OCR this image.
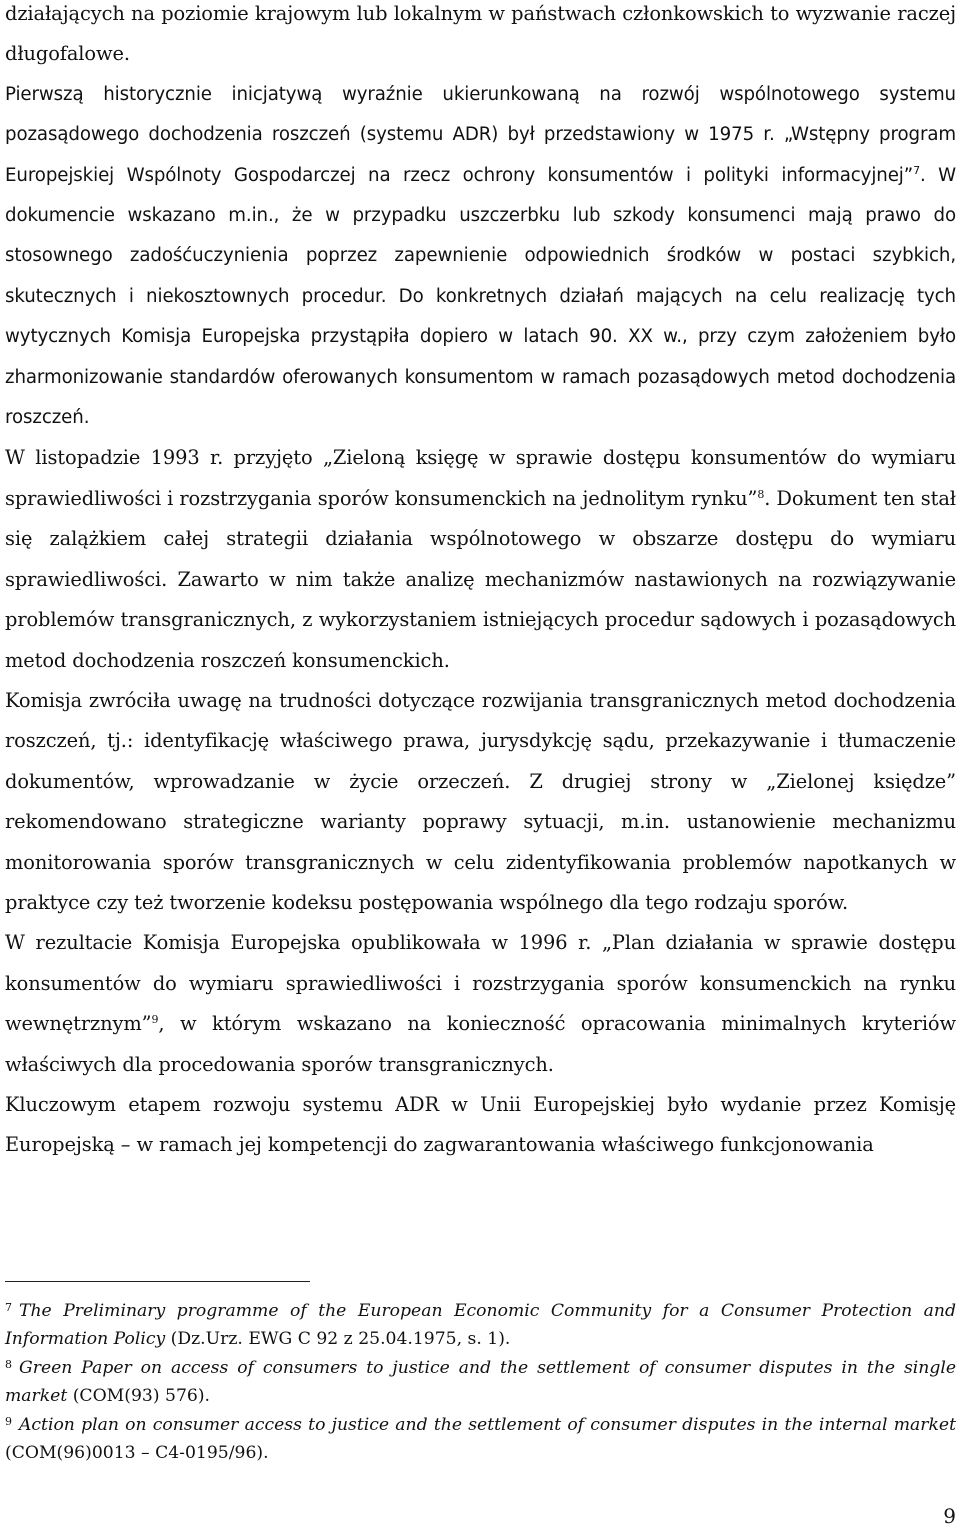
działających na poziomie krajowym lub lokalnym w państwach członkowskich to wyzwanie raczej długofalowe.

Pierwszą historycznie inicjatywą wyraźnie ukierunkowaną na rozwój wspólnotowego systemu pozasądowego dochodzenia roszczeń (systemu ADR) był przedstawiony w 1975 r. „Wstępny program Europejskiej Wspólnoty Gospodarczej na rzecz ochrony konsumentów i polityki informacyjnej”$^7$. W dokumencie wskazano m.in., że w przypadku uszczerbku lub szkody konsumenci mają prawo do stosownego zadośćuczynienia poprzez zapewnienie odpowiednich środków w postaci szybkich, skutecznych i niekosztownych procedur. Do konkretnych działań mających na celu realizację tych wytycznych Komisja Europejska przystąpiła dopiero w latach 90. XX w., przy czym założeniem było zharmonizowanie standardów oferowanych konsumentom w ramach pozasądowych metod dochodzenia roszczeń.

W listopadzie 1993 r. przyjęto „Zieloną księgę w sprawie dostępu konsumentów do wymiaru sprawiedliwości i rozstrzygania sporów konsumenckich na jednolitym rynku”$^8$. Dokument ten stał się zalążkiem całej strategii działania wspólnotowego w obszarze dostępu do wymiaru sprawiedliwości. Zawarto w nim także analizę mechanizmów nastawionych na rozwiązywanie problemów transgranicznych, z wykorzystaniem istniejących procedur sądowych i pozasądowych metod dochodzenia roszczeń konsumenckich.

Komisja zwróciła uwagę na trudności dotyczące rozwijania transgranicznych metod dochodzenia roszczeń, tj.: identyfikację właściwego prawa, jurysdykcję sądu, przekazywanie i tłumaczenie dokumentów, wprowadzanie w życie orzeczeń. Z drugiej strony w „Zielonej księdze” rekomendowano strategiczne warianty poprawy sytuacji, m.in. ustanowienie mechanizmu monitorowania sporów transgranicznych w celu zidentyfikowania problemów napotkanych w praktyce czy też tworzenie kodeksu postępowania wspólnego dla tego rodzaju sporów.

W rezultacie Komisja Europejska opublikowała w 1996 r. „Plan działania w sprawie dostępu konsumentów do wymiaru sprawiedliwości i rozstrzygania sporów konsumenckich na rynku wewnętrznym”$^9$, w którym wskazano na konieczność opracowania minimalnych kryteriów właściwych dla procedowania sporów transgranicznych.

Kluczowym etapem rozwoju systemu ADR w Unii Europejskiej było wydanie przez Komisję Europejską – w ramach jej kompetencji do zagwarantowania właściwego funkcjonowania

$^7$ The Preliminary programme of the European Economic Community for a Consumer Protection and Information Policy (Dz.Urz. EWG C 92 z 25.04.1975, s. 1).

$^8$ Green Paper on access of consumers to justice and the settlement of consumer disputes in the single market (COM(93) 576).

$^9$ Action plan on consumer access to justice and the settlement of consumer disputes in the internal market (COM(96)0013 – C4-0195/96).

9
